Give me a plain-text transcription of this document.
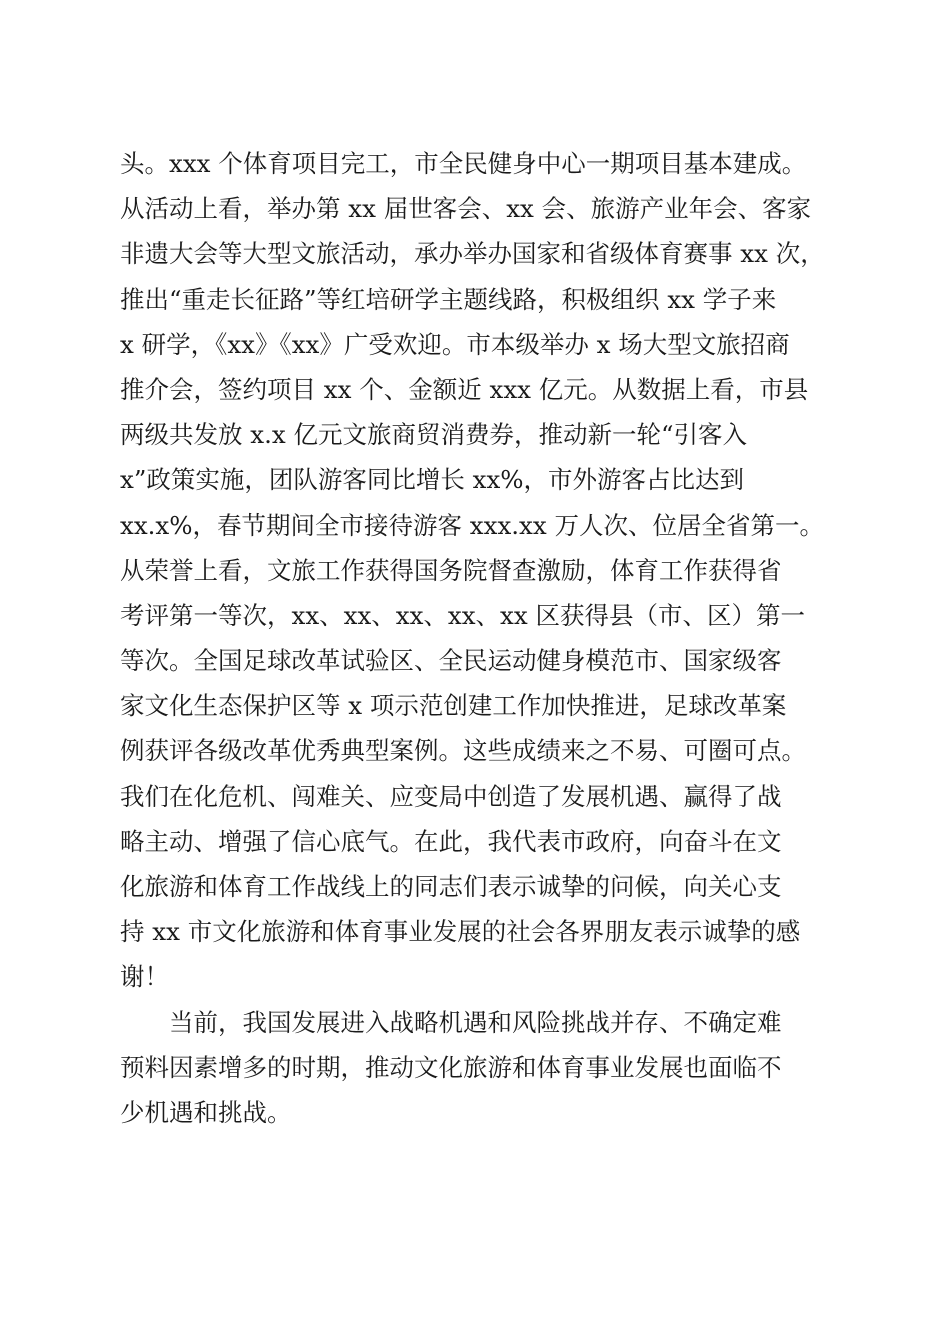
头。xxx 个体育项目完工，市全民健身中心一期项目基本建成。
从活动上看，举办第 xx 届世客会、xx 会、旅游产业年会、客家
非遗大会等大型文旅活动，承办举办国家和省级体育赛事 xx 次，
推出“重走长征路”等红培研学主题线路，积极组织 xx 学子来
x 研学，《xx》《xx》广受欢迎。市本级举办 x 场大型文旅招商
推介会，签约项目 xx 个、金额近 xxx 亿元。从数据上看，市县
两级共发放 x.x 亿元文旅商贸消费券，推动新一轮“引客入
x”政策实施，团队游客同比增长 xx%，市外游客占比达到
xx.x%，春节期间全市接待游客 xxx.xx 万人次、位居全省第一。
从荣誉上看，文旅工作获得国务院督查激励，体育工作获得省
考评第一等次，xx、xx、xx、xx、xx 区获得县（市、区）第一
等次。全国足球改革试验区、全民运动健身模范市、国家级客
家文化生态保护区等 x 项示范创建工作加快推进，足球改革案
例获评各级改革优秀典型案例。这些成绩来之不易、可圈可点。
我们在化危机、闯难关、应变局中创造了发展机遇、赢得了战
略主动、增强了信心底气。在此，我代表市政府，向奋斗在文
化旅游和体育工作战线上的同志们表示诚挚的问候，向关心支
持 xx 市文化旅游和体育事业发展的社会各界朋友表示诚挚的感
谢！
　　当前，我国发展进入战略机遇和风险挑战并存、不确定难
预料因素增多的时期，推动文化旅游和体育事业发展也面临不
少机遇和挑战。
